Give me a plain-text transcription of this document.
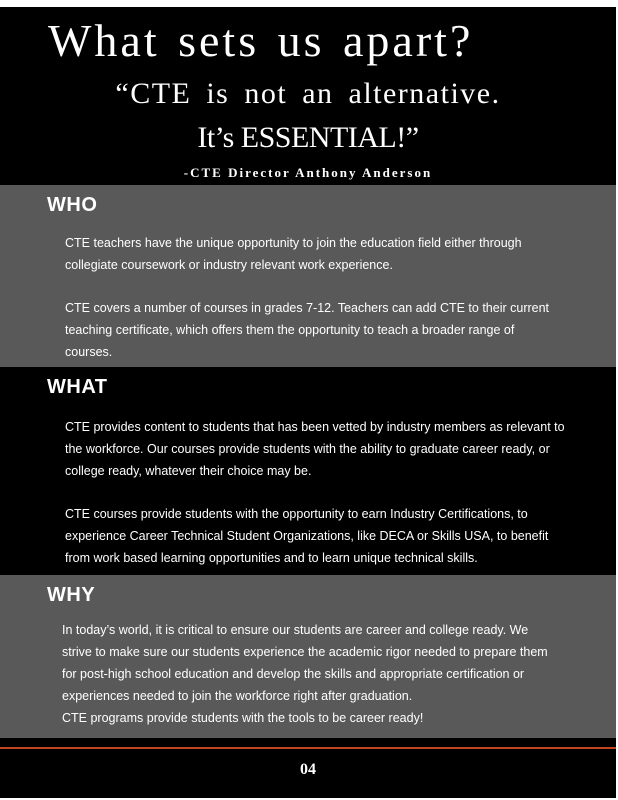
What sets us apart?

“CTE is not an alternative.

It’s ESSENTIAL!”

-CTE Director Anthony Anderson

WHO

CTE teachers have the unique opportunity to join the education field either through collegiate coursework or industry relevant work experience.

CTE covers a number of courses in grades 7-12. Teachers can add CTE to their current teaching certificate, which offers them the opportunity to teach a broader range of courses.

WHAT

CTE provides content to students that has been vetted by industry members as relevant to the workforce. Our courses provide students with the ability to graduate career ready, or college ready, whatever their choice may be.

CTE courses provide students with the opportunity to earn Industry Certifications, to experience Career Technical Student Organizations, like DECA or Skills USA, to benefit from work based learning opportunities and to learn unique technical skills.

WHY

In today’s world, it is critical to ensure our students are career and college ready. We strive to make sure our students experience the academic rigor needed to prepare them for post-high school education and develop the skills and appropriate certification or experiences needed to join the workforce right after graduation.
CTE programs provide students with the tools to be career ready!

04
